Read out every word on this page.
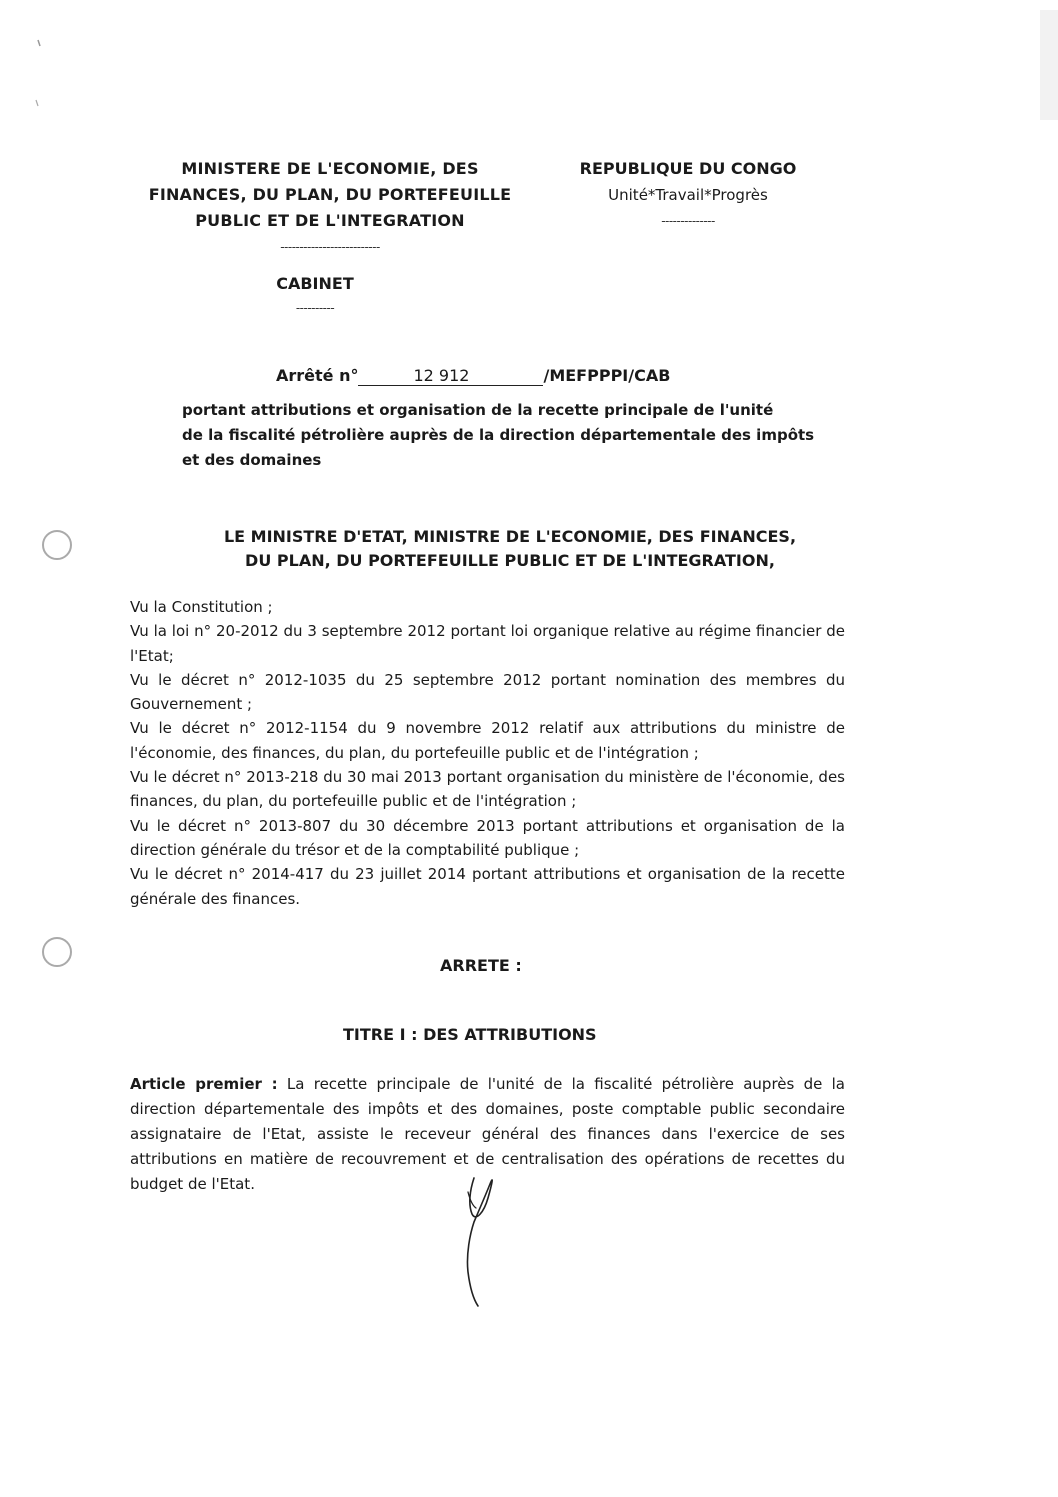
MINISTERE DE L'ECONOMIE, DES
FINANCES, DU PLAN, DU PORTEFEUILLE
PUBLIC ET DE L'INTEGRATION
--------------------------
REPUBLIQUE DU CONGO
Unité*Travail*Progrès
--------------
CABINET
----------
Arrêté n°	12 912	/MEFPPPI/CAB
portant attributions et organisation de la recette principale de l'unité
de la fiscalité pétrolière auprès de la direction départementale des impôts
et des domaines
LE MINISTRE D'ETAT, MINISTRE DE L'ECONOMIE, DES FINANCES,
DU PLAN, DU PORTEFEUILLE PUBLIC ET DE L'INTEGRATION,

Vu la Constitution ;

Vu la loi n° 20-2012 du 3 septembre 2012 portant loi organique relative au régime financier de l'Etat;

Vu le décret n° 2012-1035 du 25 septembre 2012 portant nomination des membres du Gouvernement ;

Vu le décret n° 2012-1154 du 9 novembre 2012 relatif aux attributions du ministre de l'économie, des finances, du plan, du portefeuille public et de l'intégration ;

Vu le décret n° 2013-218 du 30 mai 2013 portant organisation du ministère de l'économie, des finances, du plan, du portefeuille public et de l'intégration ;

Vu le décret n° 2013-807 du 30 décembre 2013 portant attributions et organisation de la direction générale du trésor et de la comptabilité publique ;

Vu le décret n° 2014-417 du 23 juillet 2014 portant attributions et organisation de la recette générale des finances.

ARRETE :
TITRE I : DES ATTRIBUTIONS
Article premier : La recette principale de l'unité de la fiscalité pétrolière auprès de la direction départementale des impôts et des domaines, poste comptable public secondaire assignataire de l'Etat, assiste le receveur général des finances dans l'exercice de ses attributions en matière de recouvrement et de centralisation des opérations de recettes du budget de l'Etat.
